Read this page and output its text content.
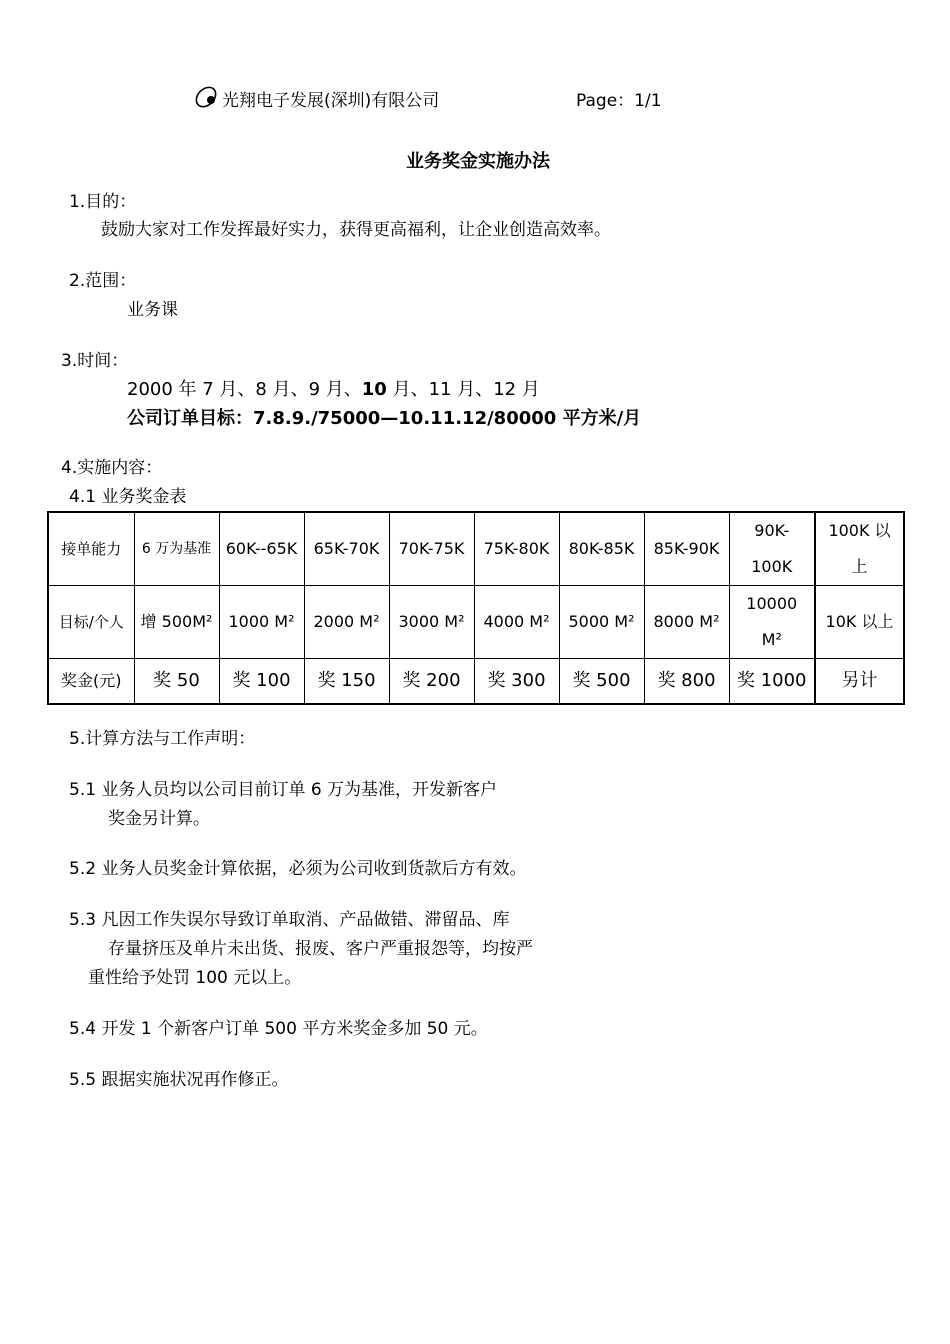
光翔电子发展(深圳)有限公司	Page：1/1
业务奖金实施办法
1.目的：
鼓励大家对工作发挥最好实力，获得更高福利，让企业创造高效率。
2.范围：
业务课
3.时间：
2000 年 7 月、8 月、9 月、10 月、11 月、12 月
公司订单目标：7.8.9./75000—10.11.12/80000 平方米/月
4.实施内容：
4.1 业务奖金表
接单能力	6 万为基准	60K--65K	65K-70K	70K-75K	75K-80K	80K-85K	85K-90K	90K-100K	100K 以上
目标/个人	增 500M²	1000 M²	2000 M²	3000 M²	4000 M²	5000 M²	8000 M²	10000 M²	10K 以上
奖金(元)	奖 50	奖 100	奖 150	奖 200	奖 300	奖 500	奖 800	奖 1000	另计
5.计算方法与工作声明：
5.1 业务人员均以公司目前订单 6 万为基准，开发新客户
奖金另计算。
5.2 业务人员奖金计算依据，必须为公司收到货款后方有效。
5.3 凡因工作失误尔导致订单取消、产品做错、滞留品、库
存量挤压及单片未出货、报废、客户严重报怨等，均按严
重性给予处罚 100 元以上。
5.4 开发 1 个新客户订单 500 平方米奖金多加 50 元。
5.5 跟据实施状况再作修正。
